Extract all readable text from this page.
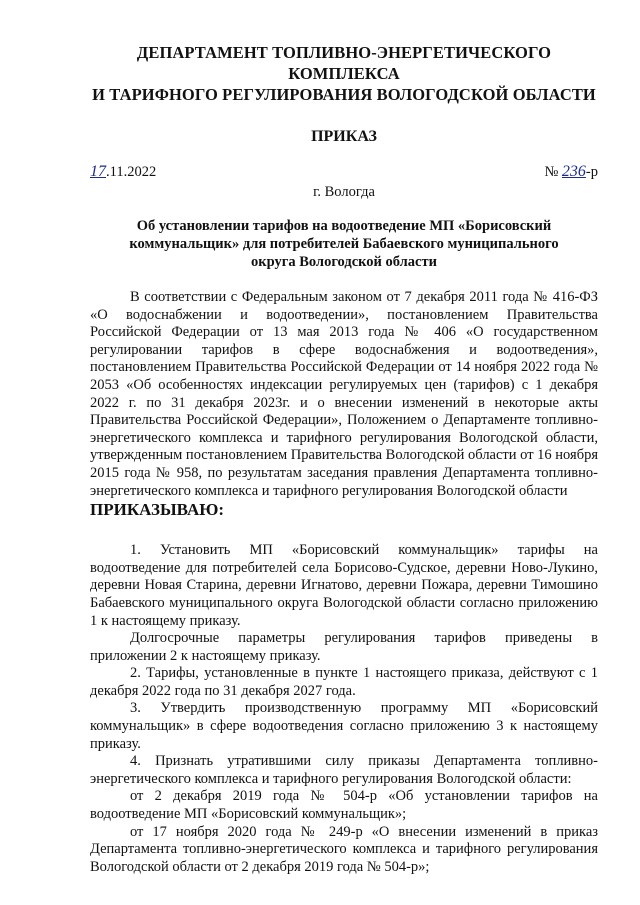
ДЕПАРТАМЕНТ ТОПЛИВНО-ЭНЕРГЕТИЧЕСКОГО КОМПЛЕКСА
И ТАРИФНОГО РЕГУЛИРОВАНИЯ ВОЛОГОДСКОЙ ОБЛАСТИ

ПРИКАЗ

17.11.2022	№ 236-р
г. Вологда

Об установлении тарифов на водоотведение МП «Борисовский коммунальщик» для потребителей Бабаевского муниципального округа Вологодской области

В соответствии с Федеральным законом от 7 декабря 2011 года № 416-ФЗ «О водоснабжении и водоотведении», постановлением Правительства Российской Федерации от 13 мая 2013 года № 406 «О государственном регулировании тарифов в сфере водоснабжения и водоотведения», постановлением Правительства Российской Федерации от 14 ноября 2022 года № 2053 «Об особенностях индексации регулируемых цен (тарифов) с 1 декабря 2022 г. по 31 декабря 2023г. и о внесении изменений в некоторые акты Правительства Российской Федерации», Положением о Департаменте топливно-энергетического комплекса и тарифного регулирования Вологодской области, утвержденным постановлением Правительства Вологодской области от 16 ноября 2015 года № 958, по результатам заседания правления Департамента топливно-энергетического комплекса и тарифного регулирования Вологодской области

ПРИКАЗЫВАЮ:

1. Установить МП «Борисовский коммунальщик» тарифы на водоотведение для потребителей села Борисово-Судское, деревни Ново-Лукино, деревни Новая Старина, деревни Игнатово, деревни Пожара, деревни Тимошино Бабаевского муниципального округа Вологодской области согласно приложению 1 к настоящему приказу.

Долгосрочные параметры регулирования тарифов приведены в приложении 2 к настоящему приказу.

2. Тарифы, установленные в пункте 1 настоящего приказа, действуют с 1 декабря 2022 года по 31 декабря 2027 года.

3. Утвердить производственную программу МП «Борисовский коммунальщик» в сфере водоотведения согласно приложению 3 к настоящему приказу.

4. Признать утратившими силу приказы Департамента топливно-энергетического комплекса и тарифного регулирования Вологодской области:

от 2 декабря 2019 года № 504-р «Об установлении тарифов на водоотведение МП «Борисовский коммунальщик»;

от 17 ноября 2020 года № 249-р «О внесении изменений в приказ Департамента топливно-энергетического комплекса и тарифного регулирования Вологодской области от 2 декабря 2019 года № 504-р»;
